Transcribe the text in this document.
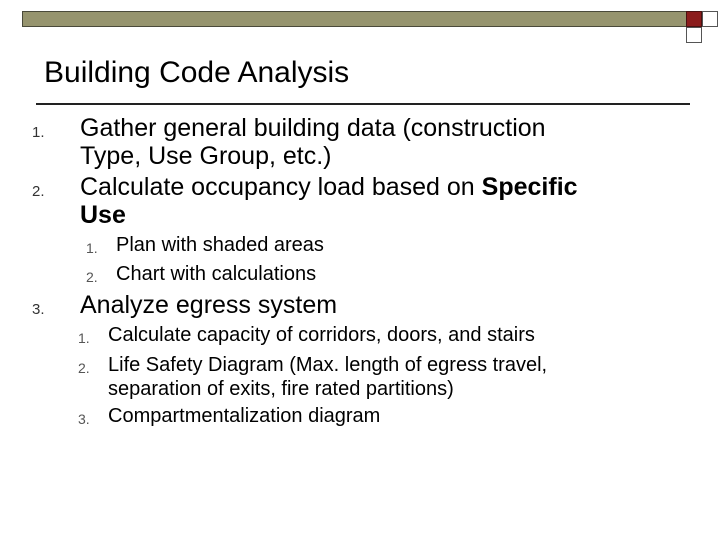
Building Code Analysis
1.	Gather general building data (construction
Type, Use Group, etc.)
2.	Calculate occupancy load based on Specific
Use
1. Plan with shaded areas
2. Chart with calculations
3.	Analyze egress system
1. Calculate capacity of corridors, doors, and stairs
2. Life Safety Diagram (Max. length of egress travel,
separation of exits, fire rated partitions)
3. Compartmentalization diagram
